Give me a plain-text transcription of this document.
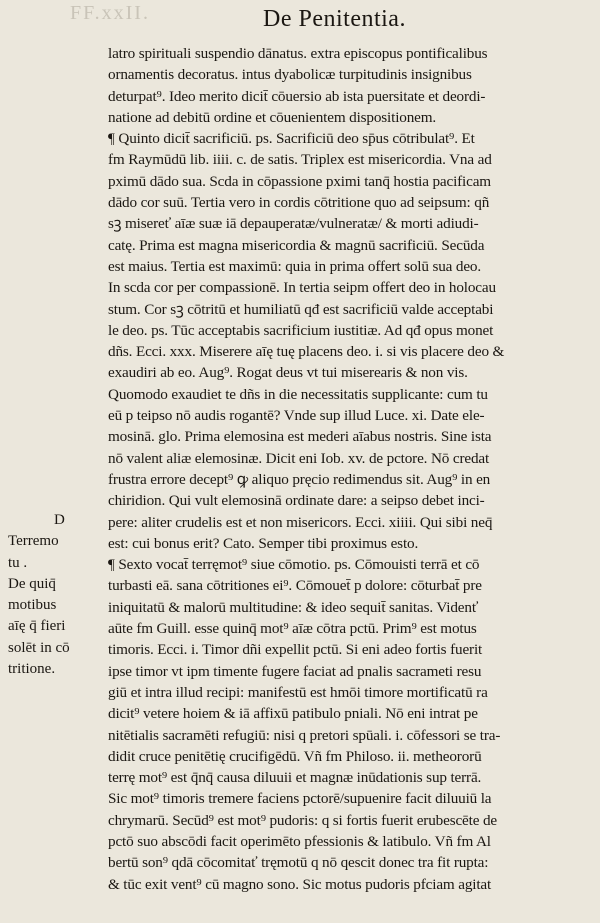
FF.xxII.	De Penitentia.
latro spirituali suspendio dānatus. extra episcopus pontificalibus
ornamentis decoratus. intus dyabolicæ turpitudinis insignibus
deturpat⁹. Ideo merito dicit̄ cōuersio ab ista puersitate et deordi-
natione ad debitū ordine et cōuenientem dispositionem.
¶ Quinto dicit̄ sacrificiū. ps. Sacrificiū deo sp̄us cōtribulat⁹. Et
fm Raymūdū lib. iiii. c. de satis. Triplex est misericordia. Vna ad
pximū dādo sua. Scda in cōpassione pximi tanq̄ hostia pacificam
dādo cor suū. Tertia vero in cordis cōtritione quo ad seipsum: qñ
sꝫ misereť aīæ suæ iā depauperatæ/vulneratæ/ & morti adiudi-
catę. Prima est magna misericordia & magnū sacrificiū. Secūda
est maius. Tertia est maximū: quia in prima offert solū sua deo.
In scda cor per compassionē. In tertia seipm offert deo in holocau
stum. Cor sꝫ cōtritū et humiliatū qđ est sacrificiū valde acceptabi
le deo. ps. Tūc acceptabis sacrificium iustitiæ. Ad qđ opus monet
dñs. Ecci. xxx. Miserere aīę tuę placens deo. i. si vis placere deo &
exaudiri ab eo. Aug⁹. Rogat deus vt tui miserearis & non vis.
Quomodo exaudiet te dñs in die necessitatis supplicante: cum tu
eū p teipso nō audis rogantē? Vnde sup illud Luce. xi. Date ele-
mosinā. glo. Prima elemosina est mederi aīabus nostris. Sine ista
nō valent aliæ elemosinæ. Dicit eni Iob. xv. de pctore. Nō credat
frustra errore decept⁹ ꝙ aliquo pręcio redimendus sit. Aug⁹ in en
chiridion. Qui vult elemosinā ordinate dare: a seipso debet inci-
pere: aliter crudelis est et non misericors. Ecci. xiiii. Qui sibi neq̄
est: cui bonus erit? Cato. Semper tibi proximus esto.
¶ Sexto vocat̄ terręmot⁹ siue cōmotio. ps. Cōmouisti terrā et cō
turbasti eā. sana cōtritiones ei⁹. Cōmouet̄ p dolore: cōturbat̄ pre
iniquitatū & malorū multitudine: & ideo sequit̄ sanitas. Videnť
aūte fm Guill. esse quinq̄ mot⁹ aīæ cōtra pctū. Prim⁹ est motus
timoris. Ecci. i. Timor dñi expellit pctū. Si eni adeo fortis fuerit
ipse timor vt ipm timente fugere faciat ad pnalis sacrameti resu
giū et intra illud recipi: manifestū est hmōi timore mortificatū ra
dicit⁹ vetere hoiem & iā affixū patibulo pniali. Nō eni intrat pe
nitētialis sacramēti refugiū: nisi q pretori spūali. i. cōfessori se tra-
didit cruce penitētię crucifigēdū. Vñ fm Philoso. ii. metheororū
terrę mot⁹ est q̄nq̄ causa diluuii et magnæ inūdationis sup terrā.
Sic mot⁹ timoris tremere faciens pctorē/supuenire facit diluuiū la
chrymarū. Secūd⁹ est mot⁹ pudoris: q si fortis fuerit erubescēte de
pctō suo abscōdi facit operimēto pfessionis & latibulo. Vñ fm Al
bertū son⁹ qdā cōcomitať tręmotū q nō qescit donec tra fit rupta:
& tūc exit vent⁹ cū magno sono. Sic motus pudoris pfciam agitat
D
Terremo
tu .
De quiq̄
motibus
aīę q̄ fieri
solēt in cō
tritione.
